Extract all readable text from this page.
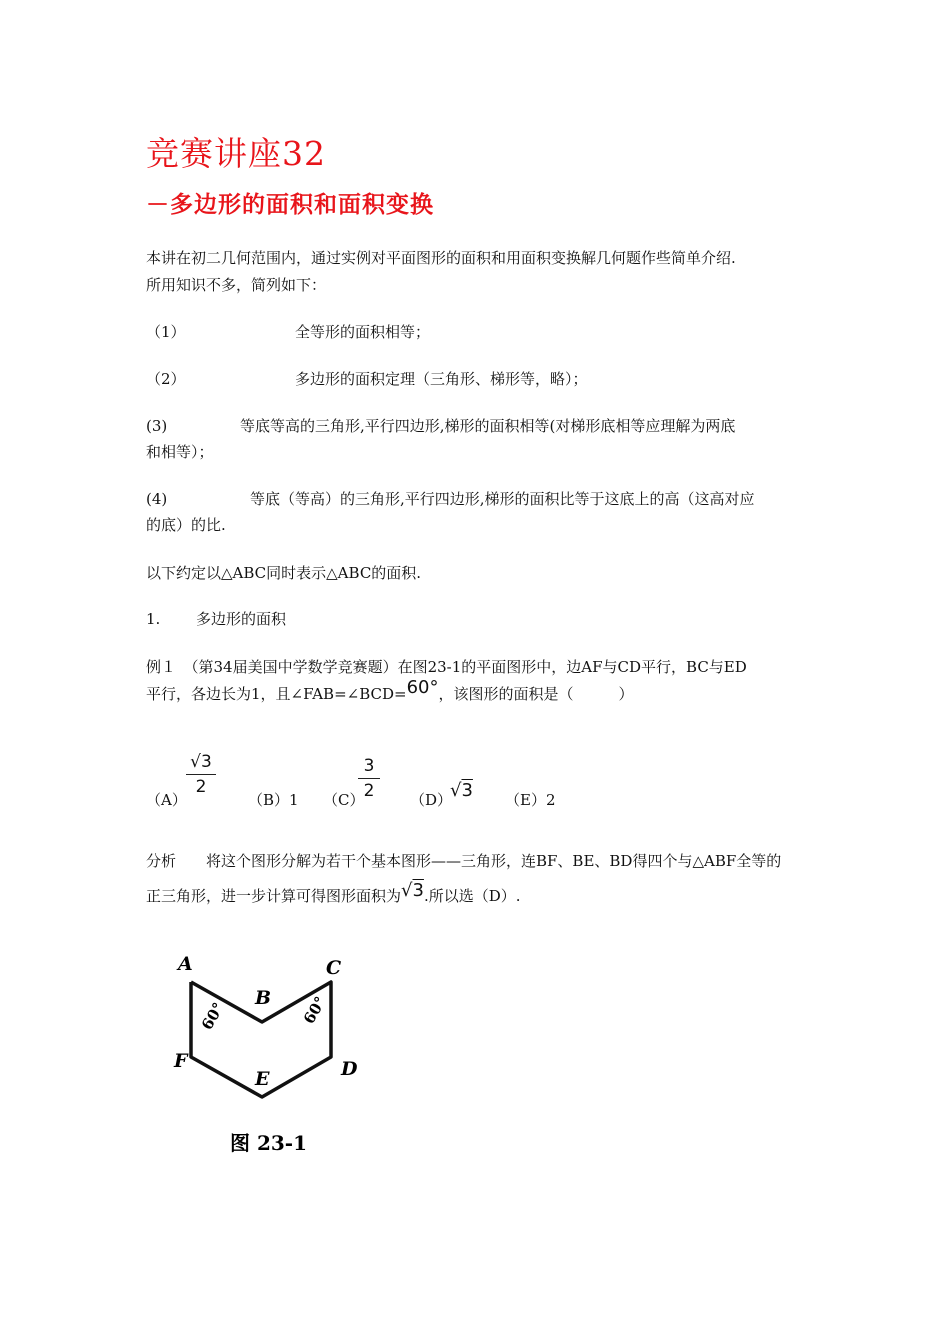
竞赛讲座32
－多边形的面积和面积变换
本讲在初二几何范围内，通过实例对平面图形的面积和用面积变换解几何题作些简单介绍.
所用知识不多，简列如下：
（1）	全等形的面积相等；
（2）	多边形的面积定理（三角形、梯形等，略）；
(3)	等底等高的三角形,平行四边形,梯形的面积相等(对梯形底相等应理解为两底
和相等）；
(4)	等底（等高）的三角形,平行四边形,梯形的面积比等于这底上的高（这高对应
的底）的比.
以下约定以△ABC同时表示△ABC的面积.
1. 多边形的面积
例１　（第34届美国中学数学竞赛题）在图23-1的平面图形中，边AF与CD平行，BC与ED
平行，各边长为1，且∠FAB=∠BCD=60°，该图形的面积是（　　　）
（A）
√3
2
（B）1 （C）
3
2	（D）
√3 （E）2
分析　　将这个图形分解为若干个基本图形——三角形，连BF、BE、BD得四个与△ABF全等的
正三角形，进一步计算可得图形面积为√3.所以选（D）.
A
B
C
D
E
F
60°	60°
图 23-1
